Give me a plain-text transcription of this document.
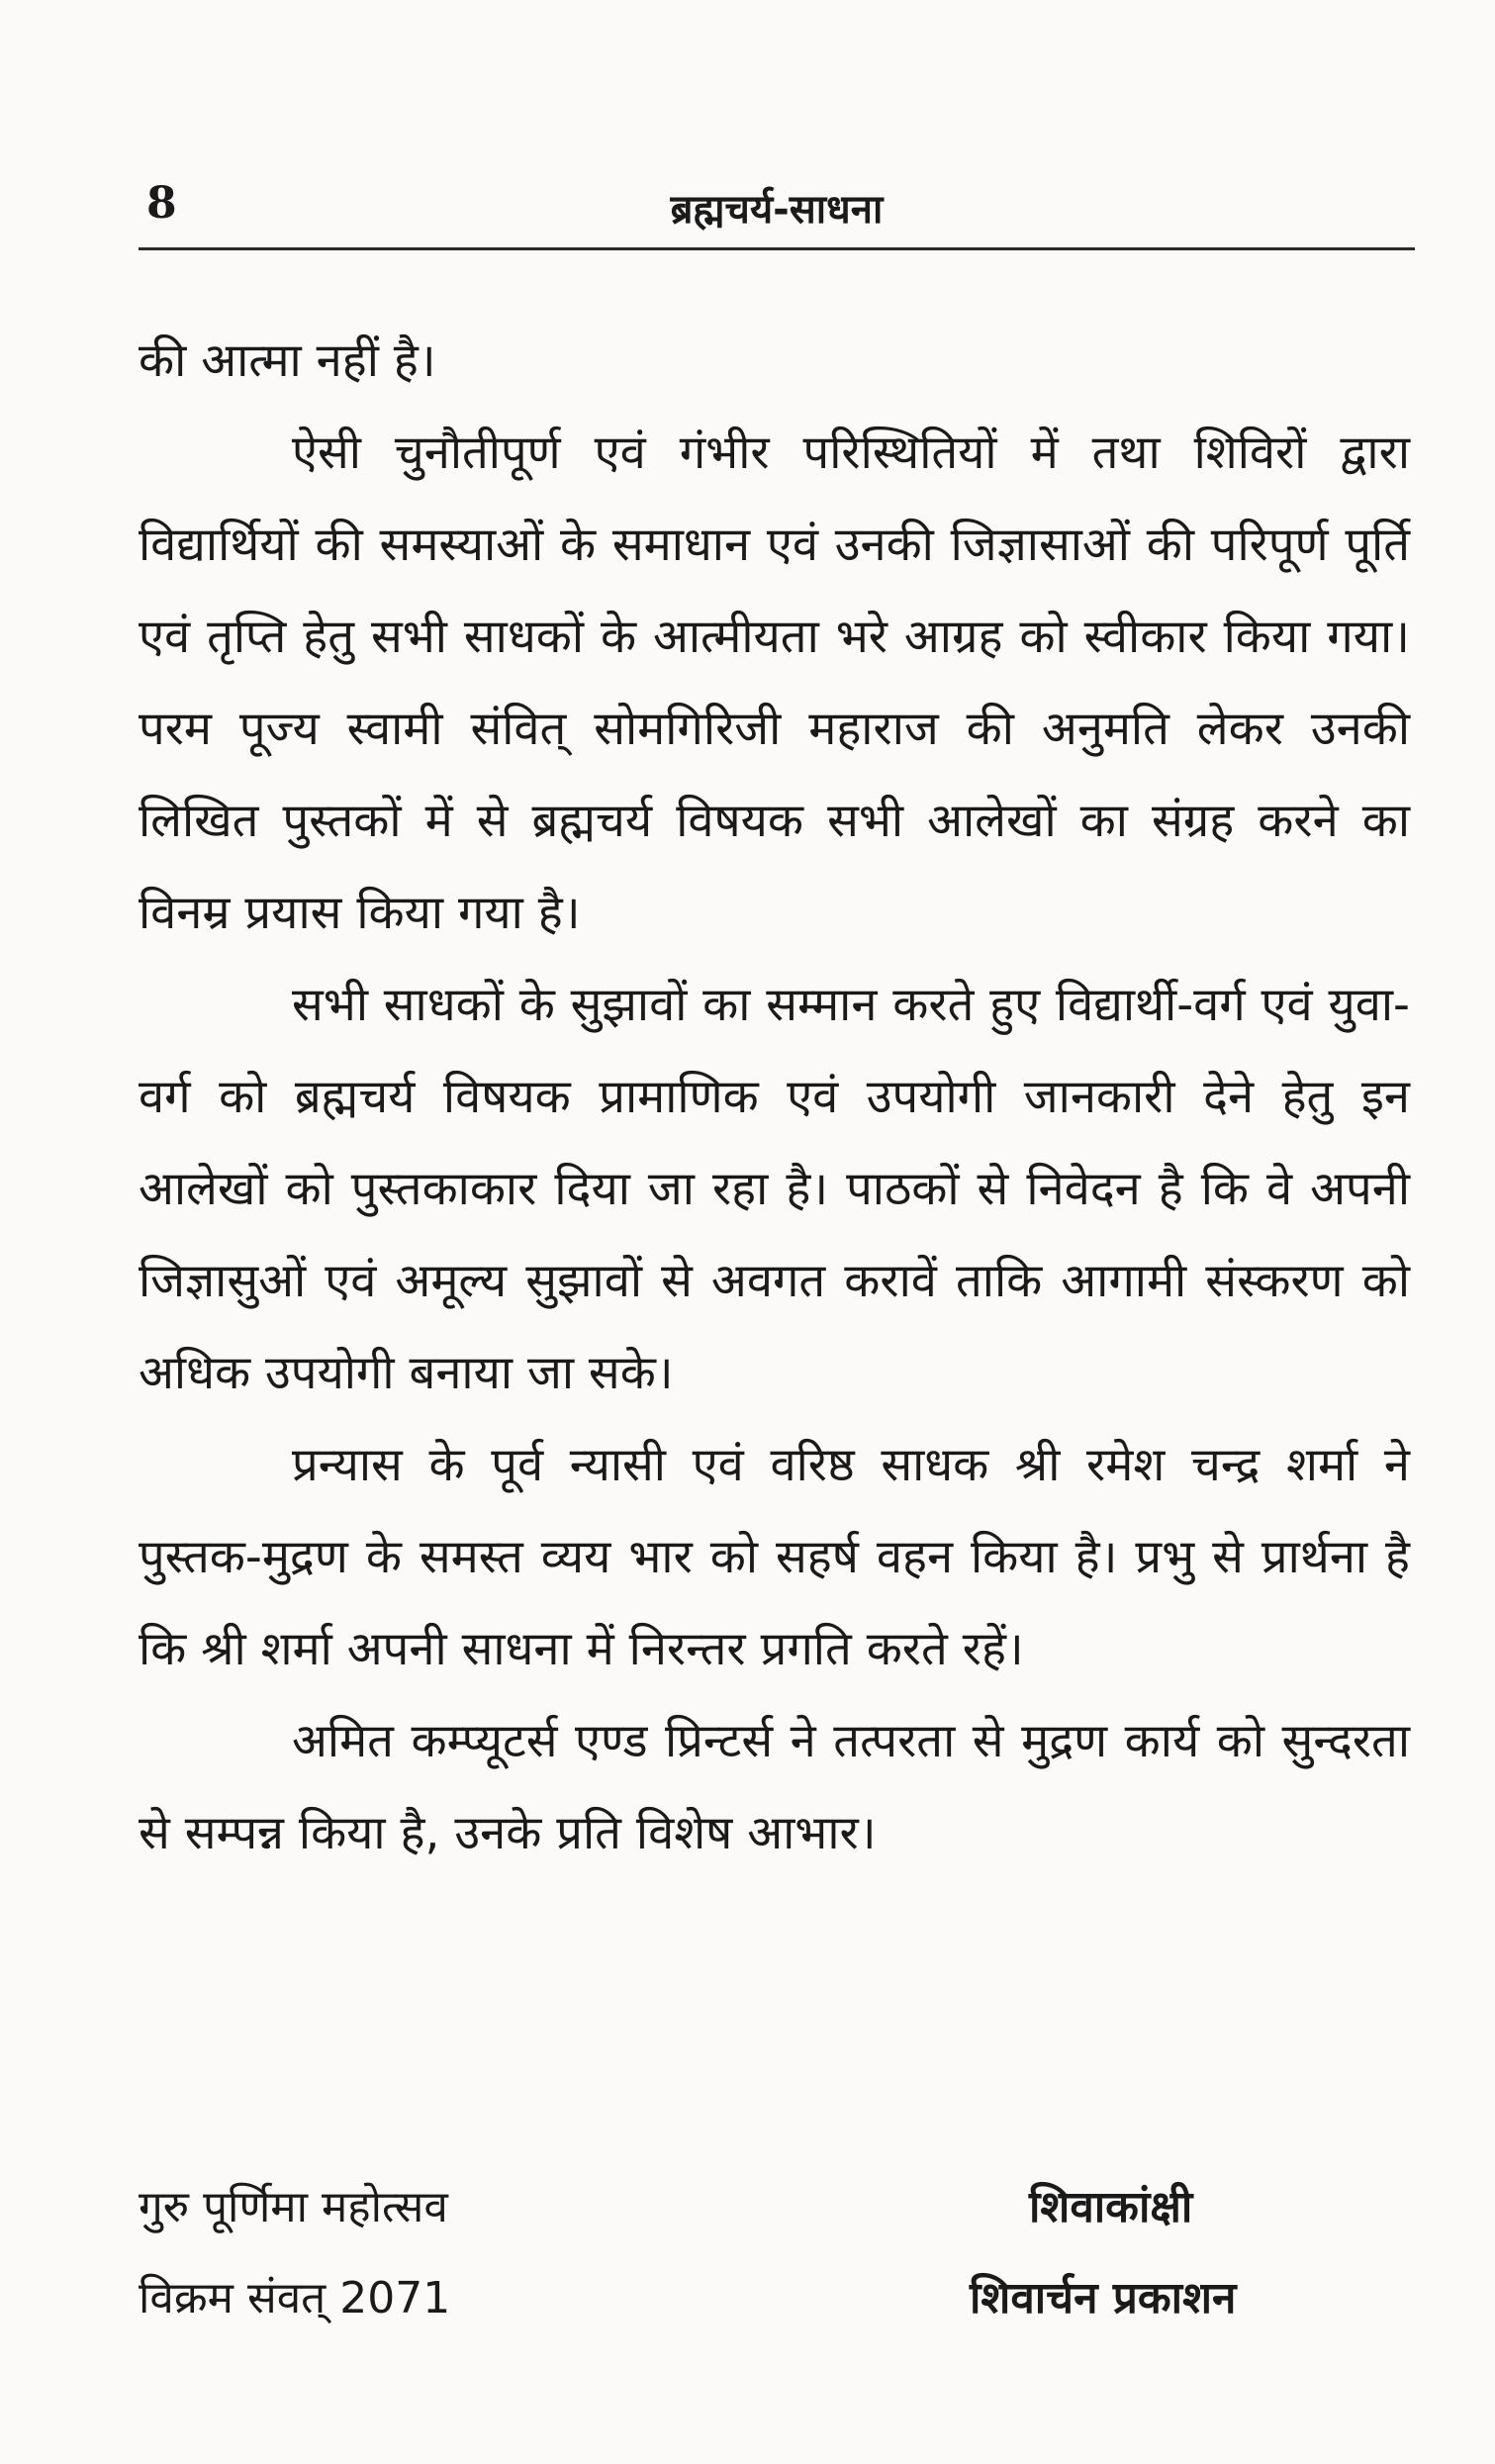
8	ब्रह्मचर्य-साधना

की आत्मा नहीं है।

ऐसी चुनौतीपूर्ण एवं गंभीर परिस्थितियों में तथा शिविरों द्वारा विद्यार्थियों की समस्याओं के समाधान एवं उनकी जिज्ञासाओं की परिपूर्ण पूर्ति एवं तृप्ति हेतु सभी साधकों के आत्मीयता भरे आग्रह को स्वीकार किया गया। परम पूज्य स्वामी संवित् सोमगिरिजी महाराज की अनुमति लेकर उनकी लिखित पुस्तकों में से ब्रह्मचर्य विषयक सभी आलेखों का संग्रह करने का विनम्र प्रयास किया गया है।

सभी साधकों के सुझावों का सम्मान करते हुए विद्यार्थी-वर्ग एवं युवा-वर्ग को ब्रह्मचर्य विषयक प्रामाणिक एवं उपयोगी जानकारी देने हेतु इन आलेखों को पुस्तकाकार दिया जा रहा है। पाठकों से निवेदन है कि वे अपनी जिज्ञासुओं एवं अमूल्य सुझावों से अवगत करावें ताकि आगामी संस्करण को अधिक उपयोगी बनाया जा सके।

प्रन्यास के पूर्व न्यासी एवं वरिष्ठ साधक श्री रमेश चन्द्र शर्मा ने पुस्तक-मुद्रण के समस्त व्यय भार को सहर्ष वहन किया है। प्रभु से प्रार्थना है कि श्री शर्मा अपनी साधना में निरन्तर प्रगति करते रहें।

अमित कम्प्यूटर्स एण्ड प्रिन्टर्स ने तत्परता से मुद्रण कार्य को सुन्दरता से सम्पन्न किया है, उनके प्रति विशेष आभार।

गुरु पूर्णिमा महोत्सव
विक्रम संवत् 2071
शिवाकांक्षी
शिवार्चन प्रकाशन
